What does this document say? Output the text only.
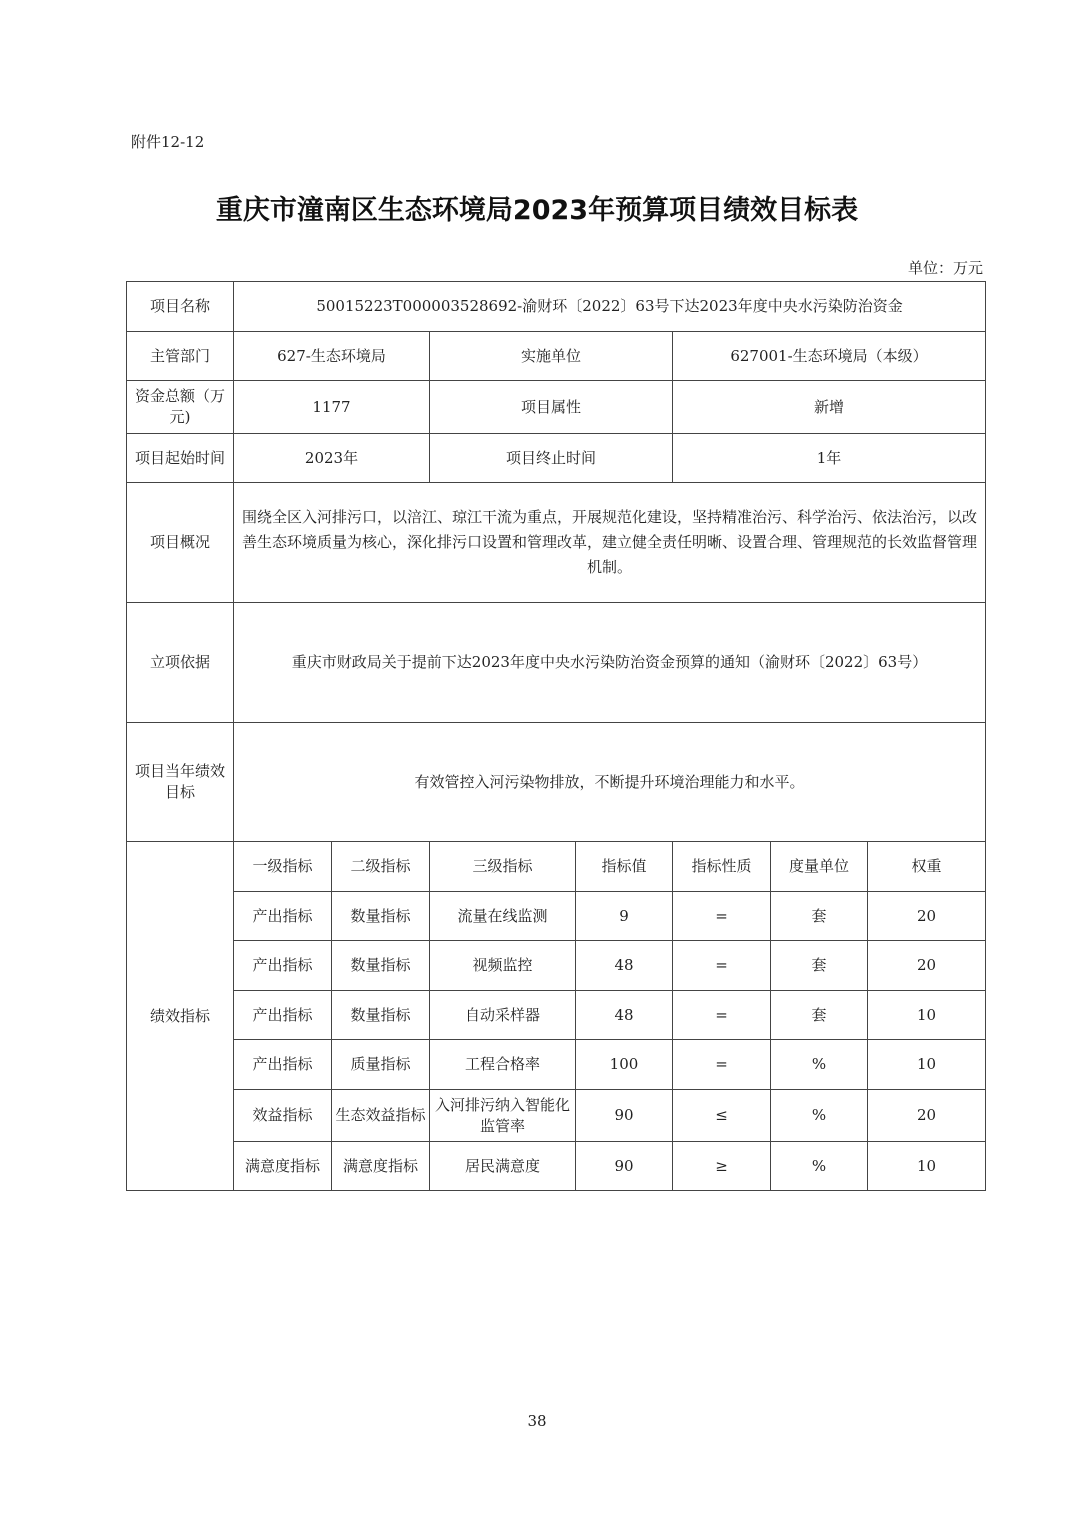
附件12-12
重庆市潼南区生态环境局2023年预算项目绩效目标表
单位：万元
项目名称	50015223T000003528692-渝财环〔2022〕63号下达2023年度中央水污染防治资金						
主管部门	627-生态环境局		实施单位		627001-生态环境局（本级）		
资金总额（万元)	1177		项目属性		新增		
项目起始时间	2023年		项目终止时间		1年		
项目概况	围绕全区入河排污口，以涪江、琼江干流为重点，开展规范化建设，坚持精准治污、科学治污、依法治污，以改善生态环境质量为核心，深化排污口设置和管理改革，建立健全责任明晰、设置合理、管理规范的长效监督管理机制。						
立项依据	重庆市财政局关于提前下达2023年度中央水污染防治资金预算的通知（渝财环〔2022〕63号）						
项目当年绩效目标	有效管控入河污染物排放，不断提升环境治理能力和水平。						
绩效指标	一级指标	二级指标	三级指标	指标值	指标性质	度量单位	权重
	产出指标	数量指标	流量在线监测	9	=	套	20
	产出指标	数量指标	视频监控	48	=	套	20
	产出指标	数量指标	自动采样器	48	=	套	10
	产出指标	质量指标	工程合格率	100	=	%	10
	效益指标	生态效益指标	入河排污纳入智能化监管率	90	≤	%	20
	满意度指标	满意度指标	居民满意度	90	≥	%	10
38
